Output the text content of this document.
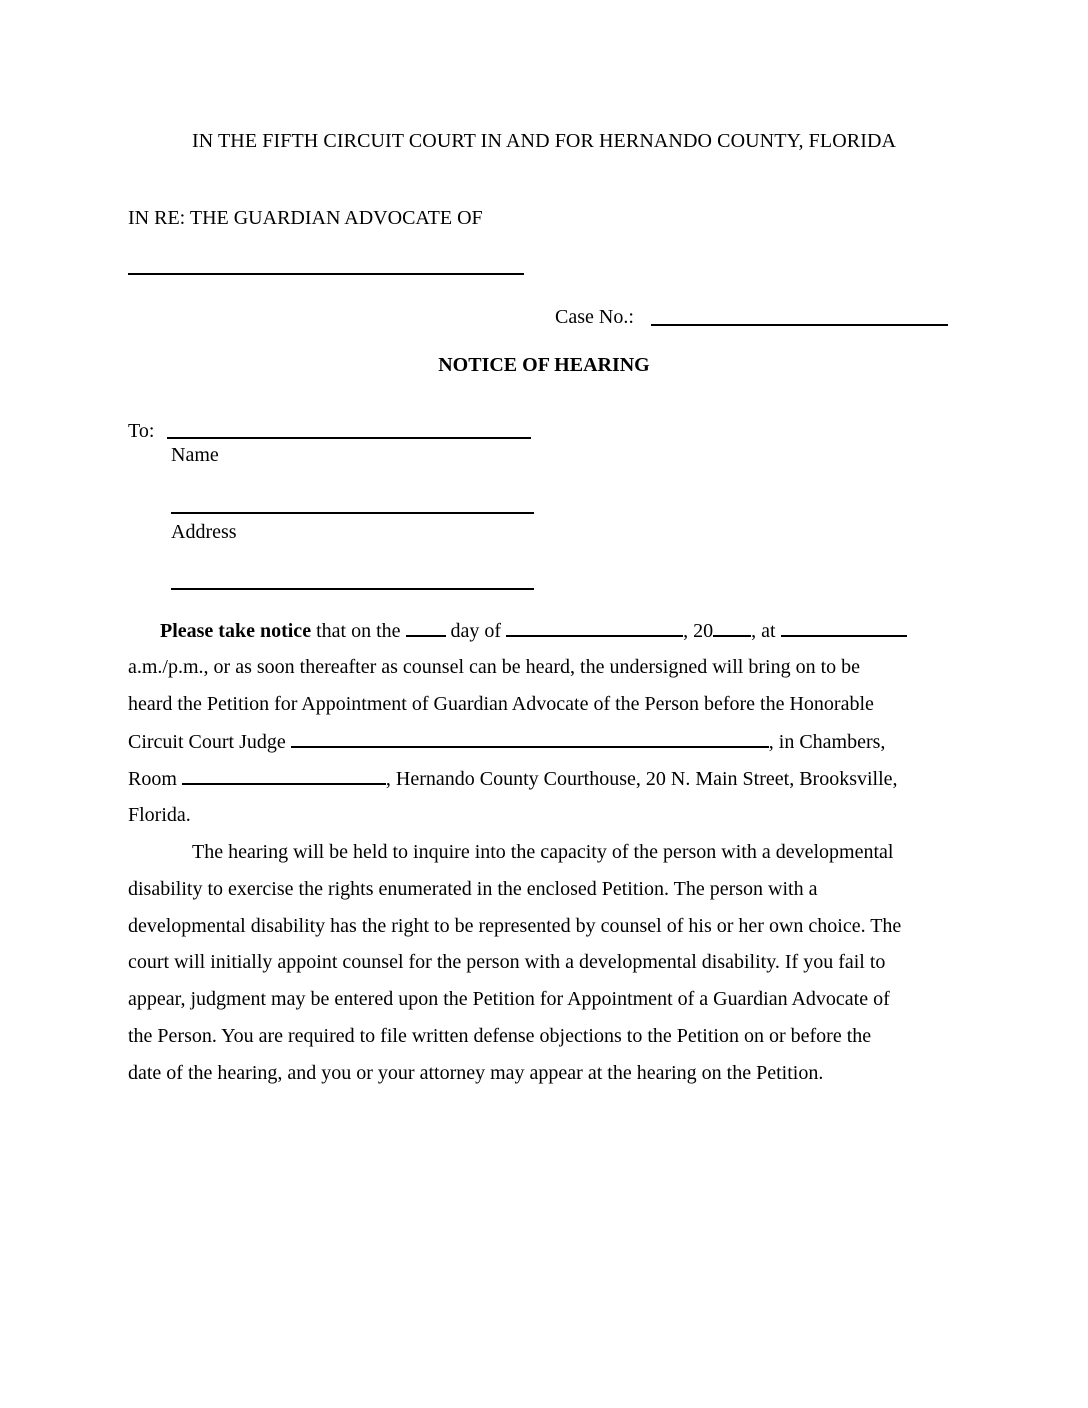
IN THE FIFTH CIRCUIT COURT IN AND FOR HERNANDO COUNTY, FLORIDA
IN RE: THE GUARDIAN ADVOCATE OF
Case No.:
NOTICE OF HEARING
To:
Name
Address
Please take notice that on the  day of	, 20 , at
a.m./p.m., or as soon thereafter as counsel can be heard, the undersigned will bring on to be
heard the Petition for Appointment of Guardian Advocate of the Person before the Honorable
Circuit Court Judge	, in Chambers,
Room	, Hernando County Courthouse, 20 N. Main Street, Brooksville,
Florida.
The hearing will be held to inquire into the capacity of the person with a developmental
disability to exercise the rights enumerated in the enclosed Petition. The person with a
developmental disability has the right to be represented by counsel of his or her own choice. The
court will initially appoint counsel for the person with a developmental disability. If you fail to
appear, judgment may be entered upon the Petition for Appointment of a Guardian Advocate of
the Person. You are required to file written defense objections to the Petition on or before the
date of the hearing, and you or your attorney may appear at the hearing on the Petition.
